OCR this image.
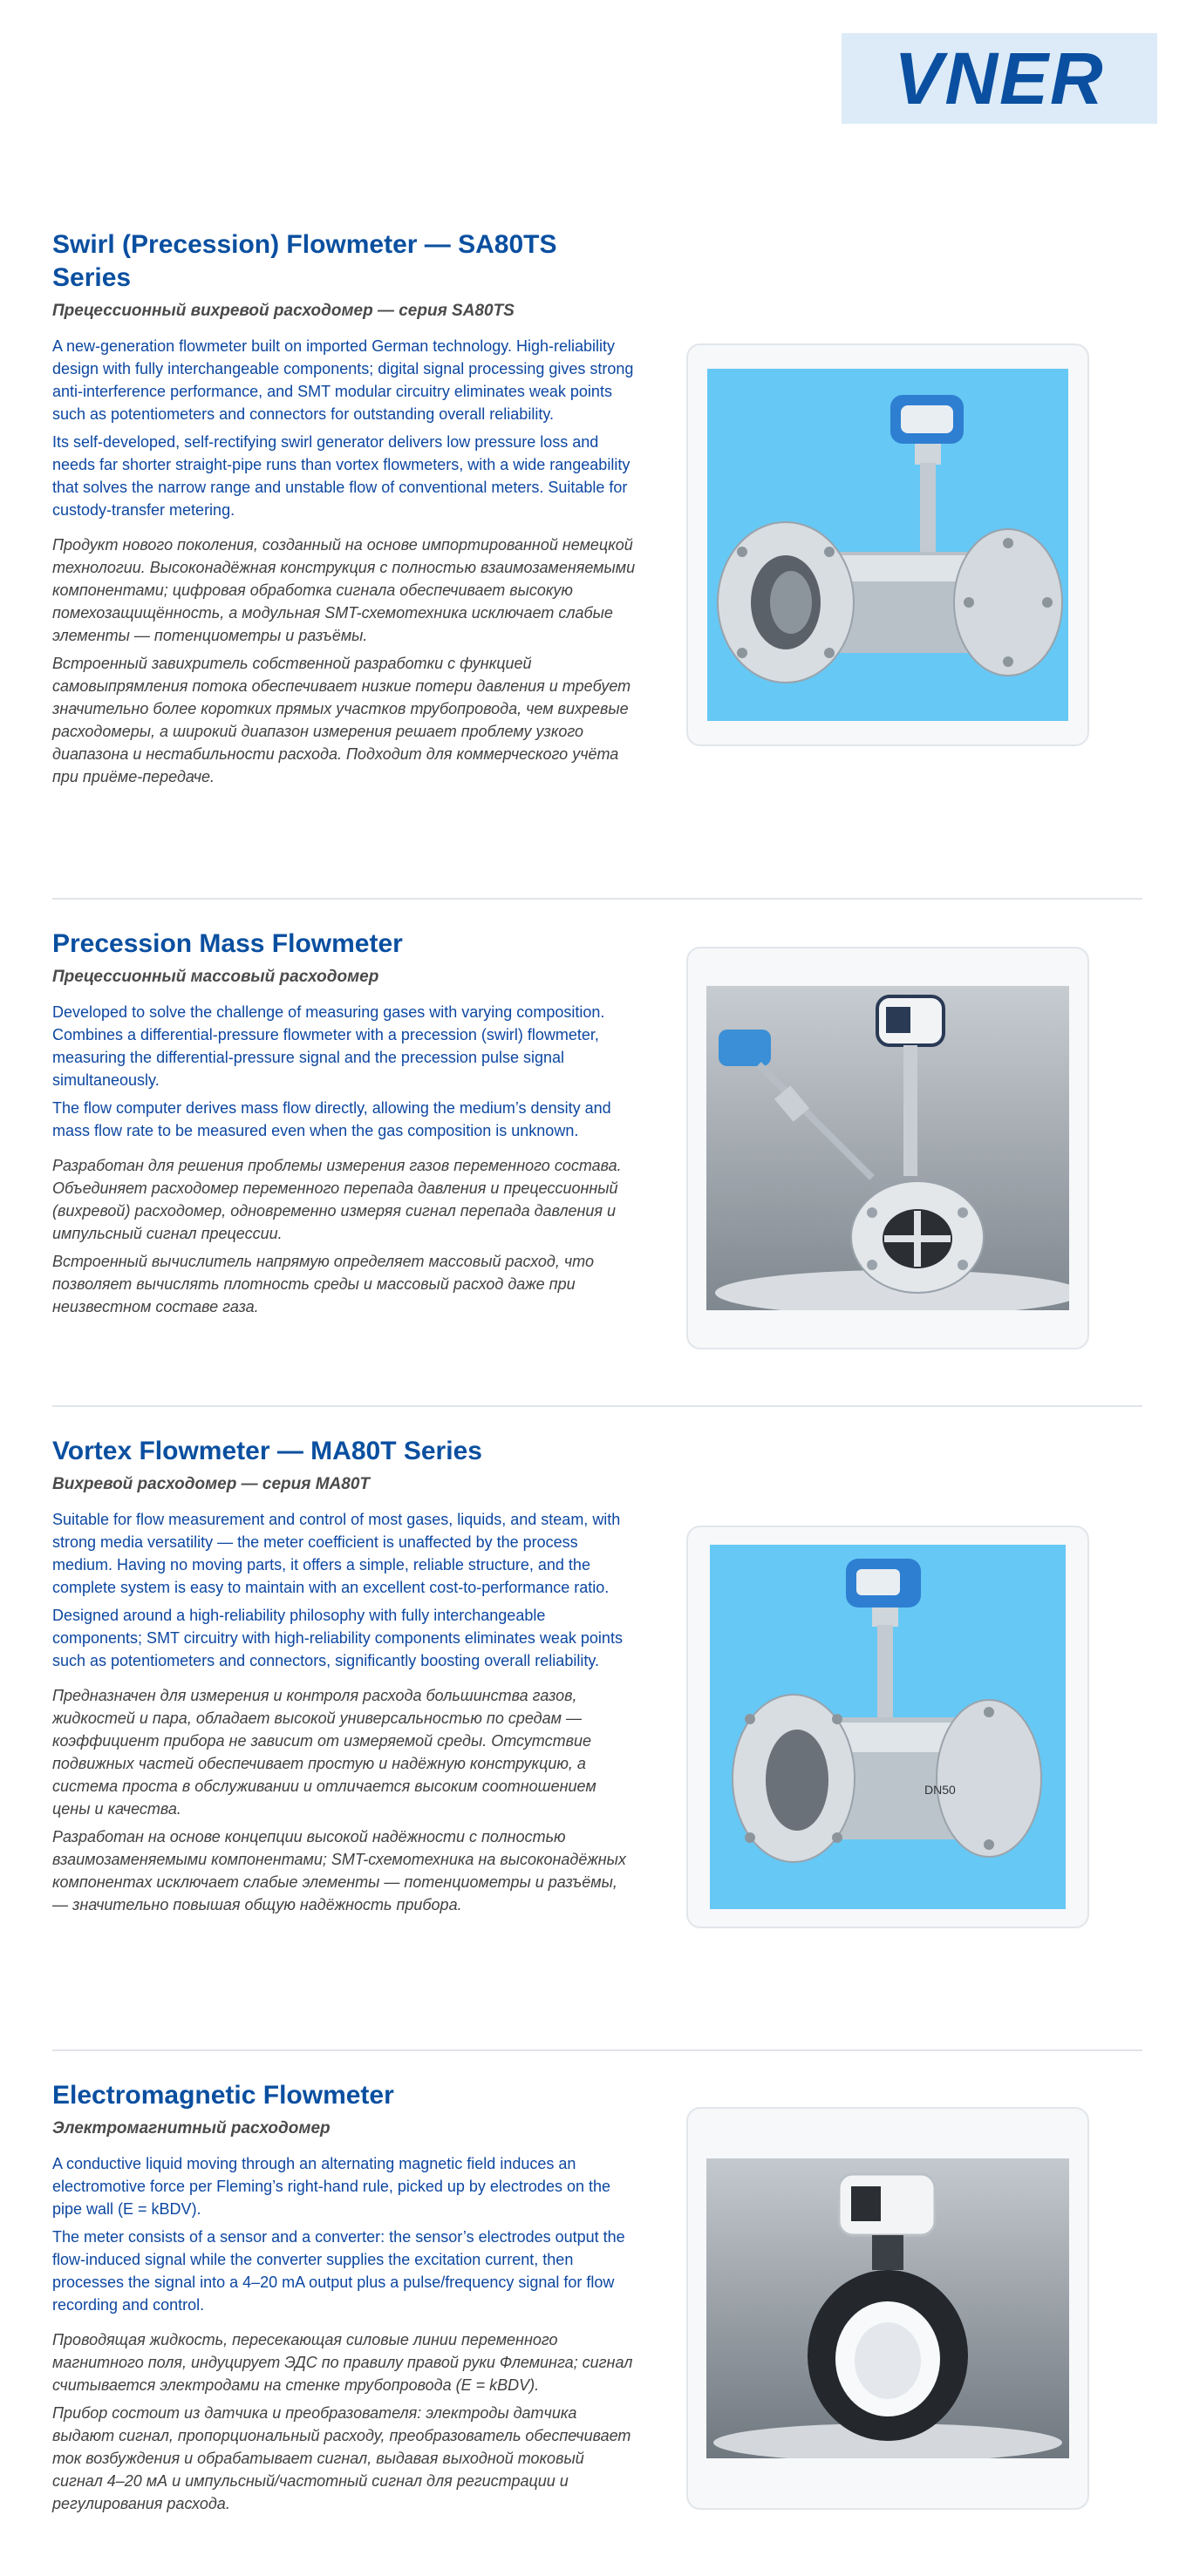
VNER
Swirl (Precession) Flowmeter — SA80TS Series
Прецессионный вихревой расходомер — серия SA80TS

A new-generation flowmeter built on imported German technology. High-reliability design with fully interchangeable components; digital signal processing gives strong anti-interference performance, and SMT modular circuitry eliminates weak points such as potentiometers and connectors for outstanding overall reliability.

Its self-developed, self-rectifying swirl generator delivers low pressure loss and needs far shorter straight-pipe runs than vortex flowmeters, with a wide rangeability that solves the narrow range and unstable flow of conventional meters. Suitable for custody-transfer metering.

Продукт нового поколения, созданный на основе импортированной немецкой технологии. Высоконадёжная конструкция с полностью взаимозаменяемыми компонентами; цифровая обработка сигнала обеспечивает высокую помехозащищённость, а модульная SMT-схемотехника исключает слабые элементы — потенциометры и разъёмы.

Встроенный завихритель собственной разработки с функцией самовыпрямления потока обеспечивает низкие потери давления и требует значительно более коротких прямых участков трубопровода, чем вихревые расходомеры, а широкий диапазон измерения решает проблему узкого диапазона и нестабильности расхода. Подходит для коммерческого учёта при приёме-передаче.

Precession Mass Flowmeter
Прецессионный массовый расходомер

Developed to solve the challenge of measuring gases with varying composition. Combines a differential-pressure flowmeter with a precession (swirl) flowmeter, measuring the differential-pressure signal and the precession pulse signal simultaneously.

The flow computer derives mass flow directly, allowing the medium’s density and mass flow rate to be measured even when the gas composition is unknown.

Разработан для решения проблемы измерения газов переменного состава. Объединяет расходомер переменного перепада давления и прецессионный (вихревой) расходомер, одновременно измеряя сигнал перепада давления и импульсный сигнал прецессии.

Встроенный вычислитель напрямую определяет массовый расход, что позволяет вычислять плотность среды и массовый расход даже при неизвестном составе газа.

Vortex Flowmeter — MA80T Series
Вихревой расходомер — серия MA80T

Suitable for flow measurement and control of most gases, liquids, and steam, with strong media versatility — the meter coefficient is unaffected by the process medium. Having no moving parts, it offers a simple, reliable structure, and the complete system is easy to maintain with an excellent cost-to-performance ratio.

Designed around a high-reliability philosophy with fully interchangeable components; SMT circuitry with high-reliability components eliminates weak points such as potentiometers and connectors, significantly boosting overall reliability.

Предназначен для измерения и контроля расхода большинства газов, жидкостей и пара, обладает высокой универсальностью по средам — коэффициент прибора не зависит от измеряемой среды. Отсутствие подвижных частей обеспечивает простую и надёжную конструкцию, а система проста в обслуживании и отличается высоким соотношением цены и качества.

Разработан на основе концепции высокой надёжности с полностью взаимозаменяемыми компонентами; SMT-схемотехника на высоконадёжных компонентах исключает слабые элементы — потенциометры и разъёмы, — значительно повышая общую надёжность прибора.

DN50
Electromagnetic Flowmeter
Электромагнитный расходомер

A conductive liquid moving through an alternating magnetic field induces an electromotive force per Fleming’s right-hand rule, picked up by electrodes on the pipe wall (E = kBDV).

The meter consists of a sensor and a converter: the sensor’s electrodes output the flow-induced signal while the converter supplies the excitation current, then processes the signal into a 4–20 mA output plus a pulse/frequency signal for flow recording and control.

Проводящая жидкость, пересекающая силовые линии переменного магнитного поля, индуцирует ЭДС по правилу правой руки Флеминга; сигнал считывается электродами на стенке трубопровода (E = kBDV).

Прибор состоит из датчика и преобразователя: электроды датчика выдают сигнал, пропорциональный расходу, преобразователь обеспечивает ток возбуждения и обрабатывает сигнал, выдавая выходной токовый сигнал 4–20 мА и импульсный/частотный сигнал для регистрации и регулирования расхода.
